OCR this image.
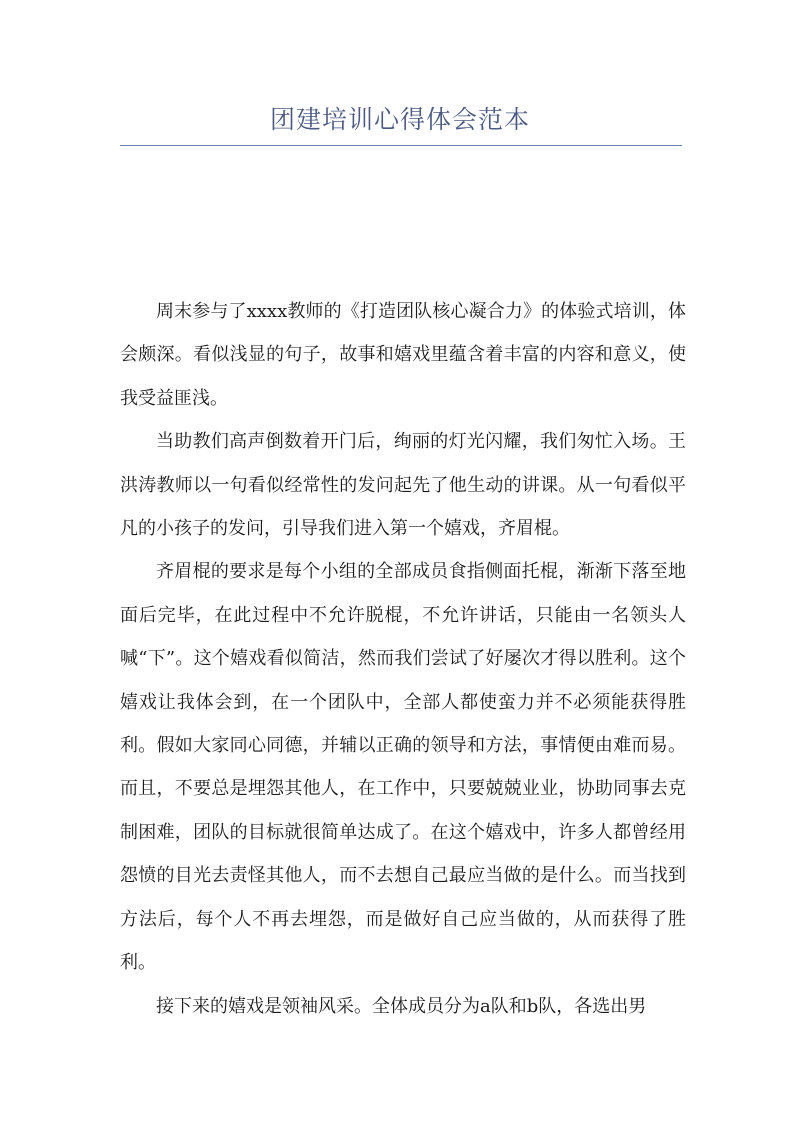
团建培训心得体会范本

周末参与了xxxx教师的《打造团队核心凝合力》的体验式培训，体会颇深。看似浅显的句子，故事和嬉戏里蕴含着丰富的内容和意义，使我受益匪浅。

当助教们高声倒数着开门后，绚丽的灯光闪耀，我们匆忙入场。王洪涛教师以一句看似经常性的发问起先了他生动的讲课。从一句看似平凡的小孩子的发问，引导我们进入第一个嬉戏，齐眉棍。

齐眉棍的要求是每个小组的全部成员食指侧面托棍，渐渐下落至地面后完毕，在此过程中不允许脱棍，不允许讲话，只能由一名领头人喊“下”。这个嬉戏看似简洁，然而我们尝试了好屡次才得以胜利。这个嬉戏让我体会到，在一个团队中，全部人都使蛮力并不必须能获得胜利。假如大家同心同德，并辅以正确的领导和方法，事情便由难而易。而且，不要总是埋怨其他人，在工作中，只要兢兢业业，协助同事去克制困难，团队的目标就很简单达成了。在这个嬉戏中，许多人都曾经用怨愤的目光去责怪其他人，而不去想自己最应当做的是什么。而当找到方法后，每个人不再去埋怨，而是做好自己应当做的，从而获得了胜利。

接下来的嬉戏是领袖风采。全体成员分为a队和b队，各选出男
